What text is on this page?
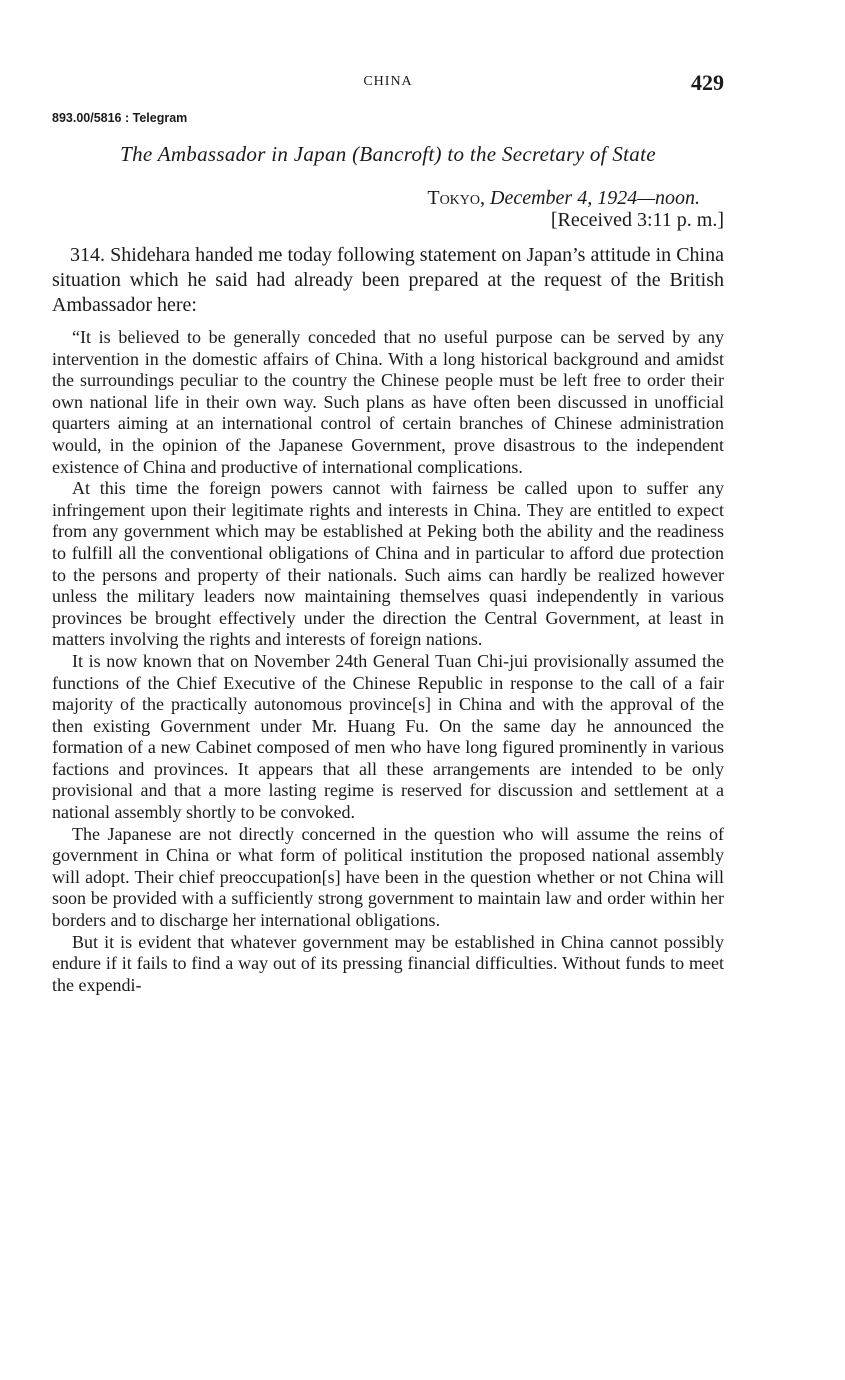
CHINA	429
893.00/5816 : Telegram
The Ambassador in Japan (Bancroft) to the Secretary of State
Tokyo, December 4, 1924—noon.
[Received 3:11 p. m.]

314. Shidehara handed me today following statement on Japan’s attitude in China situation which he said had already been prepared at the request of the British Ambassador here:

“It is believed to be generally conceded that no useful purpose can be served by any intervention in the domestic affairs of China. With a long historical background and amidst the surroundings peculiar to the country the Chinese people must be left free to order their own national life in their own way. Such plans as have often been discussed in unofficial quarters aiming at an international control of certain branches of Chinese administration would, in the opinion of the Japanese Government, prove disastrous to the independent existence of China and productive of international complications.

At this time the foreign powers cannot with fairness be called upon to suffer any infringement upon their legitimate rights and interests in China. They are entitled to expect from any government which may be established at Peking both the ability and the readiness to fulfill all the conventional obligations of China and in particular to afford due protection to the persons and property of their nationals. Such aims can hardly be realized however unless the military leaders now maintaining themselves quasi independently in various provinces be brought effectively under the direction the Central Government, at least in matters involving the rights and interests of foreign nations.

It is now known that on November 24th General Tuan Chi-jui provisionally assumed the functions of the Chief Executive of the Chinese Republic in response to the call of a fair majority of the practically autonomous province[s] in China and with the approval of the then existing Government under Mr. Huang Fu. On the same day he announced the formation of a new Cabinet composed of men who have long figured prominently in various factions and provinces. It appears that all these arrangements are intended to be only provisional and that a more lasting regime is reserved for discussion and settlement at a national assembly shortly to be convoked.

The Japanese are not directly concerned in the question who will assume the reins of government in China or what form of political institution the proposed national assembly will adopt. Their chief preoccupation[s] have been in the question whether or not China will soon be provided with a sufficiently strong government to maintain law and order within her borders and to discharge her international obligations.

But it is evident that whatever government may be established in China cannot possibly endure if it fails to find a way out of its pressing financial difficulties. Without funds to meet the expendi-
